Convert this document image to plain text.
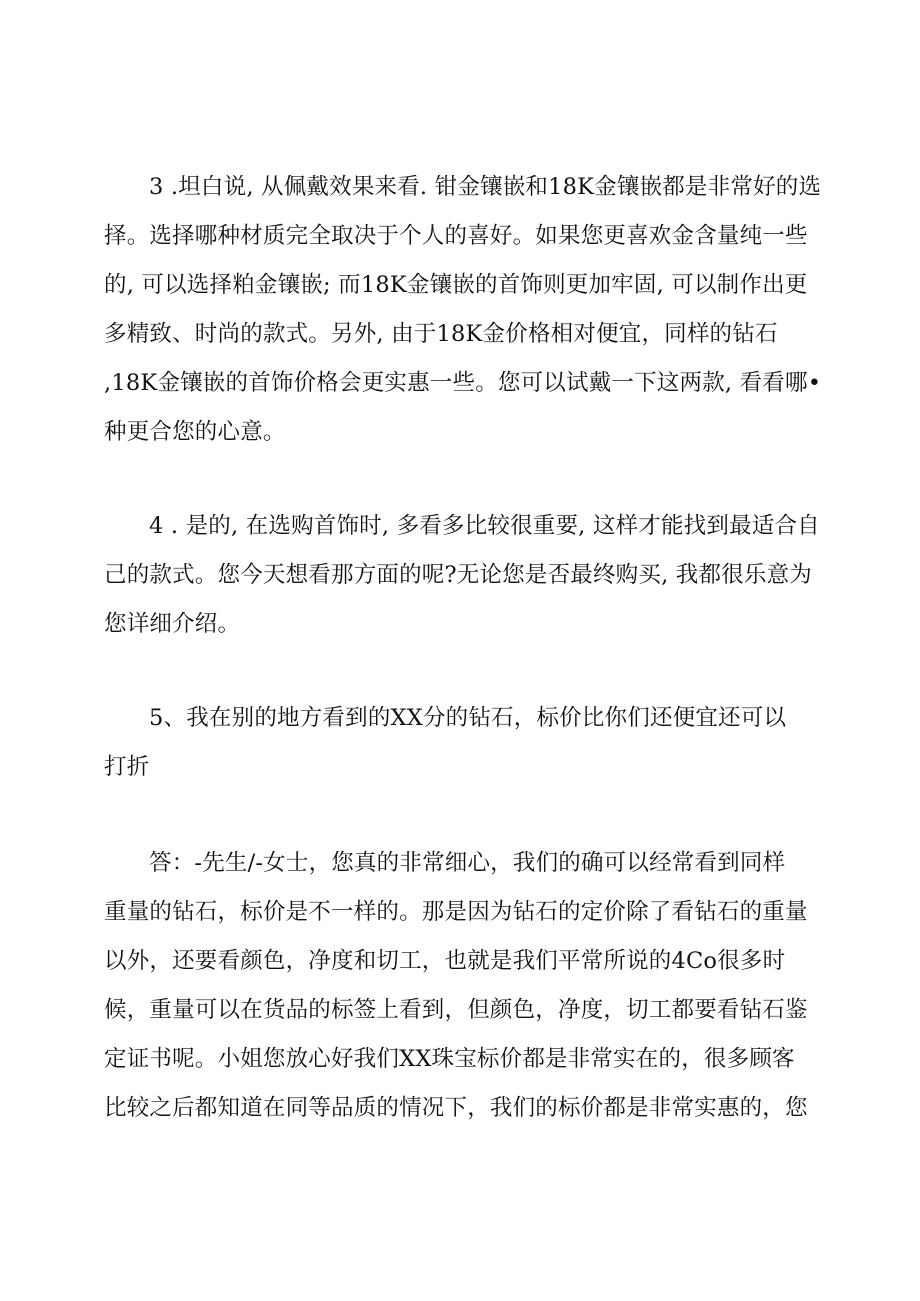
3 .坦白说, 从佩戴效果来看. 钳金镶嵌和18K金镶嵌都是非常好的选
择。选择哪种材质完全取决于个人的喜好。如果您更喜欢金含量纯一些
的, 可以选择粕金镶嵌; 而18K金镶嵌的首饰则更加牢固, 可以制作出更
多精致、时尚的款式。另外, 由于18K金价格相对便宜，同样的钻石
,18K金镶嵌的首饰价格会更实惠一些。您可以试戴一下这两款, 看看哪•
种更合您的心意。
4 . 是的, 在选购首饰时, 多看多比较很重要, 这样才能找到最适合自
己的款式。您今天想看那方面的呢?无论您是否最终购买, 我都很乐意为
您详细介绍。
5、我在别的地方看到的XX分的钻石，标价比你们还便宜还可以
打折
答：-先生/-女士，您真的非常细心，我们的确可以经常看到同样
重量的钻石，标价是不一样的。那是因为钻石的定价除了看钻石的重量
以外，还要看颜色，净度和切工，也就是我们平常所说的4Co很多时
候，重量可以在货品的标签上看到，但颜色，净度，切工都要看钻石鉴
定证书呢。小姐您放心好我们XX珠宝标价都是非常实在的，很多顾客
比较之后都知道在同等品质的情况下，我们的标价都是非常实惠的，您
